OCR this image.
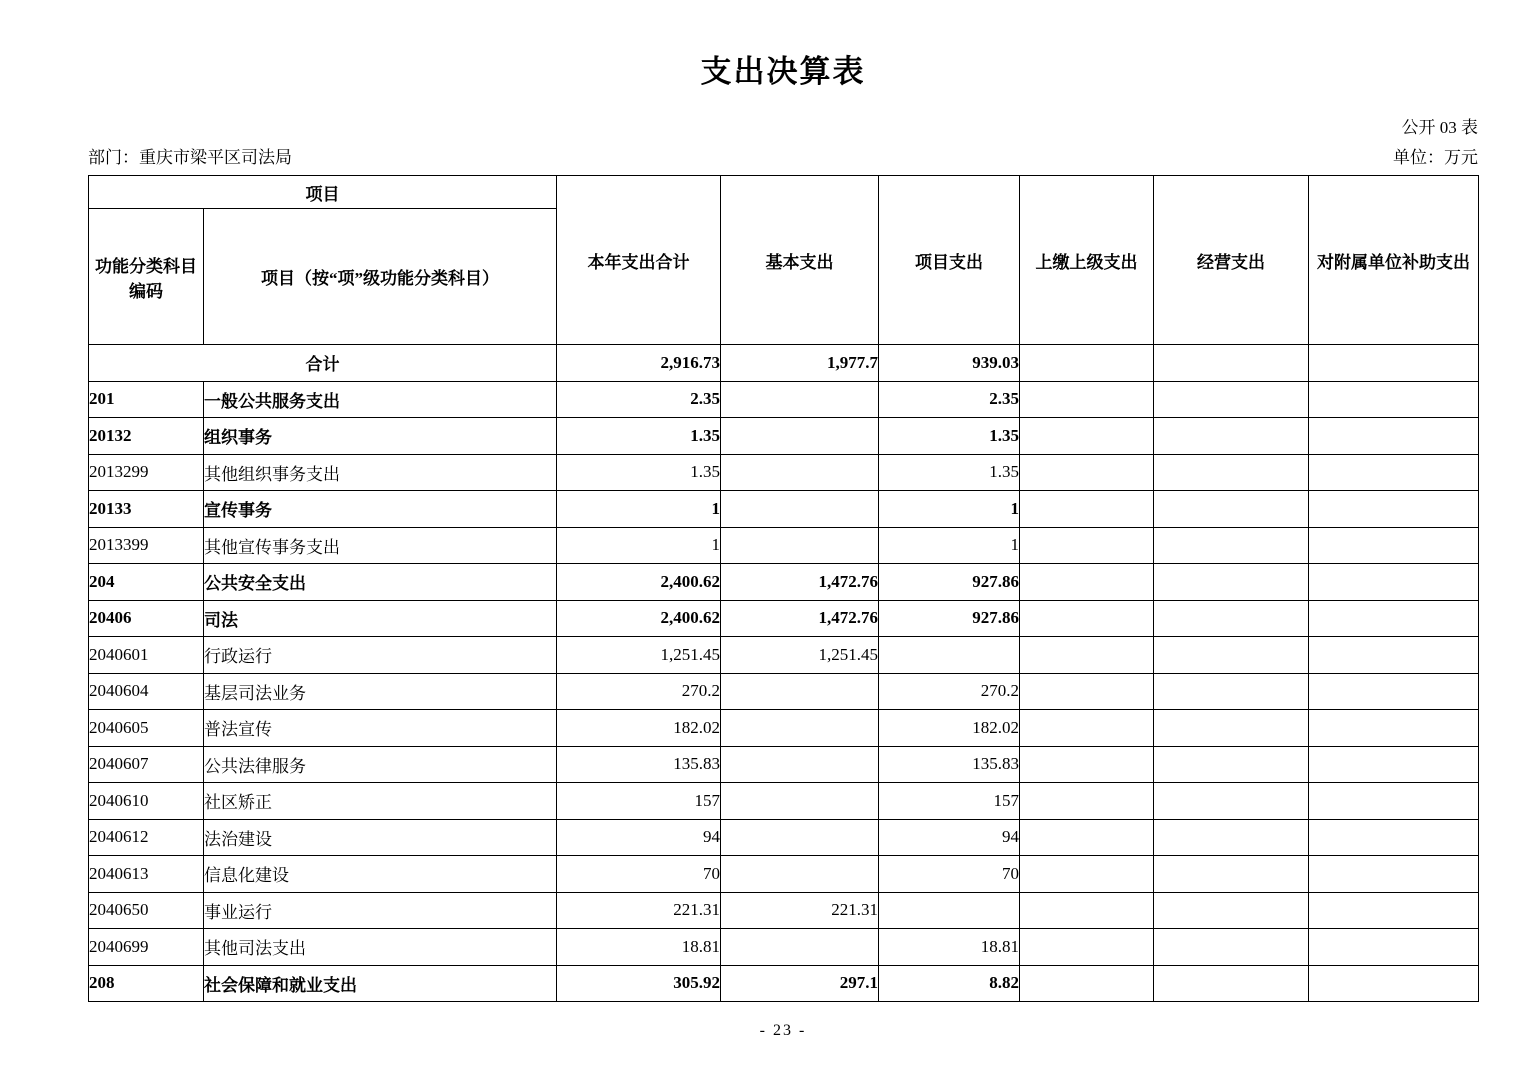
支出决算表
公开 03 表
部门：重庆市梁平区司法局	单位：万元
项目		本年支出合计	基本支出	项目支出	上缴上级支出	经营支出	对附属单位补助支出
功能分类科目编码	项目（按“项”级功能分类科目）						
合计		2,916.73	1,977.7	939.03			
201	一般公共服务支出	2.35		2.35			
20132	组织事务	1.35		1.35			
2013299	其他组织事务支出	1.35		1.35			
20133	宣传事务	1		1			
2013399	其他宣传事务支出	1		1			
204	公共安全支出	2,400.62	1,472.76	927.86			
20406	司法	2,400.62	1,472.76	927.86			
2040601	行政运行	1,251.45	1,251.45				
2040604	基层司法业务	270.2		270.2			
2040605	普法宣传	182.02		182.02			
2040607	公共法律服务	135.83		135.83			
2040610	社区矫正	157		157			
2040612	法治建设	94		94			
2040613	信息化建设	70		70			
2040650	事业运行	221.31	221.31				
2040699	其他司法支出	18.81		18.81			
208	社会保障和就业支出	305.92	297.1	8.82			
- 23 -
